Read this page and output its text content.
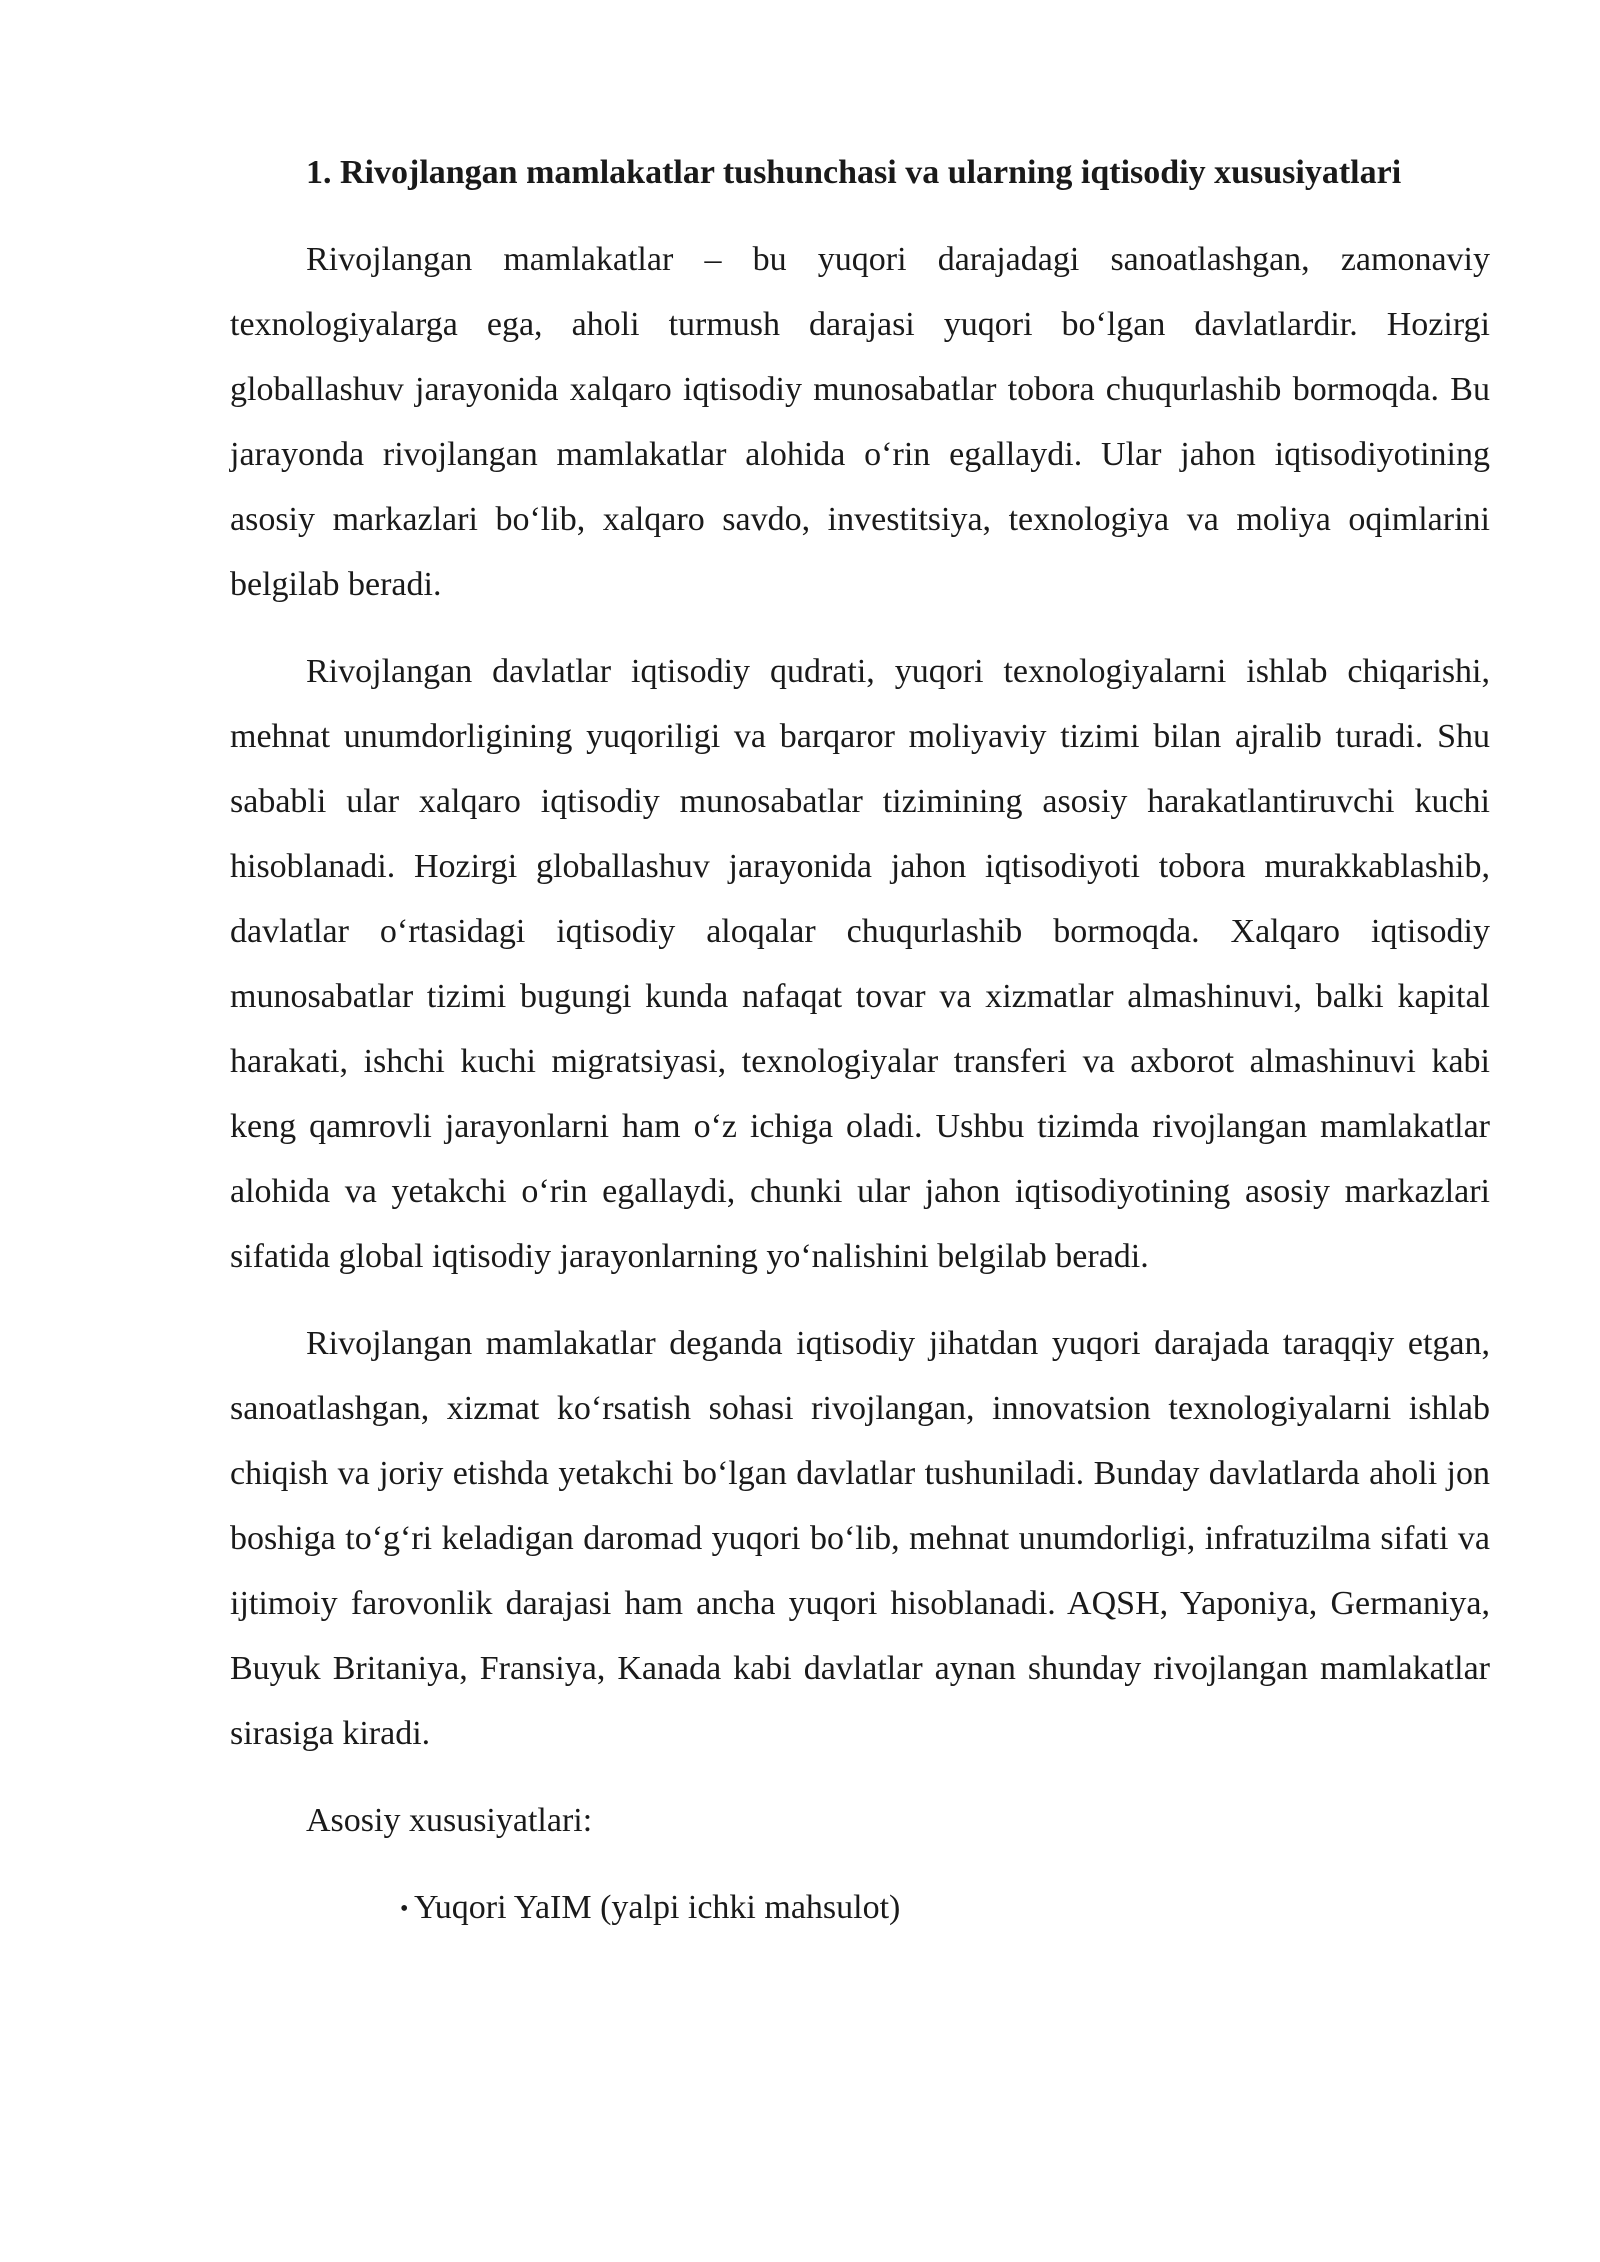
1. Rivojlangan mamlakatlar tushunchasi va ularning iqtisodiy xususiyatlari

Rivojlangan mamlakatlar – bu yuqori darajadagi sanoatlashgan, zamonaviy texnologiyalarga ega, aholi turmush darajasi yuqori bo‘lgan davlatlardir. Hozirgi globallashuv jarayonida xalqaro iqtisodiy munosabatlar tobora chuqurlashib bormoqda. Bu jarayonda rivojlangan mamlakatlar alohida o‘rin egallaydi. Ular jahon iqtisodiyotining asosiy markazlari bo‘lib, xalqaro savdo, investitsiya, texnologiya va moliya oqimlarini belgilab beradi.

Rivojlangan davlatlar iqtisodiy qudrati, yuqori texnologiyalarni ishlab chiqarishi, mehnat unumdorligining yuqoriligi va barqaror moliyaviy tizimi bilan ajralib turadi. Shu sababli ular xalqaro iqtisodiy munosabatlar tizimining asosiy harakatlantiruvchi kuchi hisoblanadi. Hozirgi globallashuv jarayonida jahon iqtisodiyoti tobora murakkablashib, davlatlar o‘rtasidagi iqtisodiy aloqalar chuqurlashib bormoqda. Xalqaro iqtisodiy munosabatlar tizimi bugungi kunda nafaqat tovar va xizmatlar almashinuvi, balki kapital harakati, ishchi kuchi migratsiyasi, texnologiyalar transferi va axborot almashinuvi kabi keng qamrovli jarayonlarni ham o‘z ichiga oladi. Ushbu tizimda rivojlangan mamlakatlar alohida va yetakchi o‘rin egallaydi, chunki ular jahon iqtisodiyotining asosiy markazlari sifatida global iqtisodiy jarayonlarning yo‘nalishini belgilab beradi.

Rivojlangan mamlakatlar deganda iqtisodiy jihatdan yuqori darajada taraqqiy etgan, sanoatlashgan, xizmat ko‘rsatish sohasi rivojlangan, innovatsion texnologiyalarni ishlab chiqish va joriy etishda yetakchi bo‘lgan davlatlar tushuniladi. Bunday davlatlarda aholi jon boshiga to‘g‘ri keladigan daromad yuqori bo‘lib, mehnat unumdorligi, infratuzilma sifati va ijtimoiy farovonlik darajasi ham ancha yuqori hisoblanadi. AQSH, Yaponiya, Germaniya, Buyuk Britaniya, Fransiya, Kanada kabi davlatlar aynan shunday rivojlangan mamlakatlar sirasiga kiradi.

Asosiy xususiyatlari:

• Yuqori YaIM (yalpi ichki mahsulot)
